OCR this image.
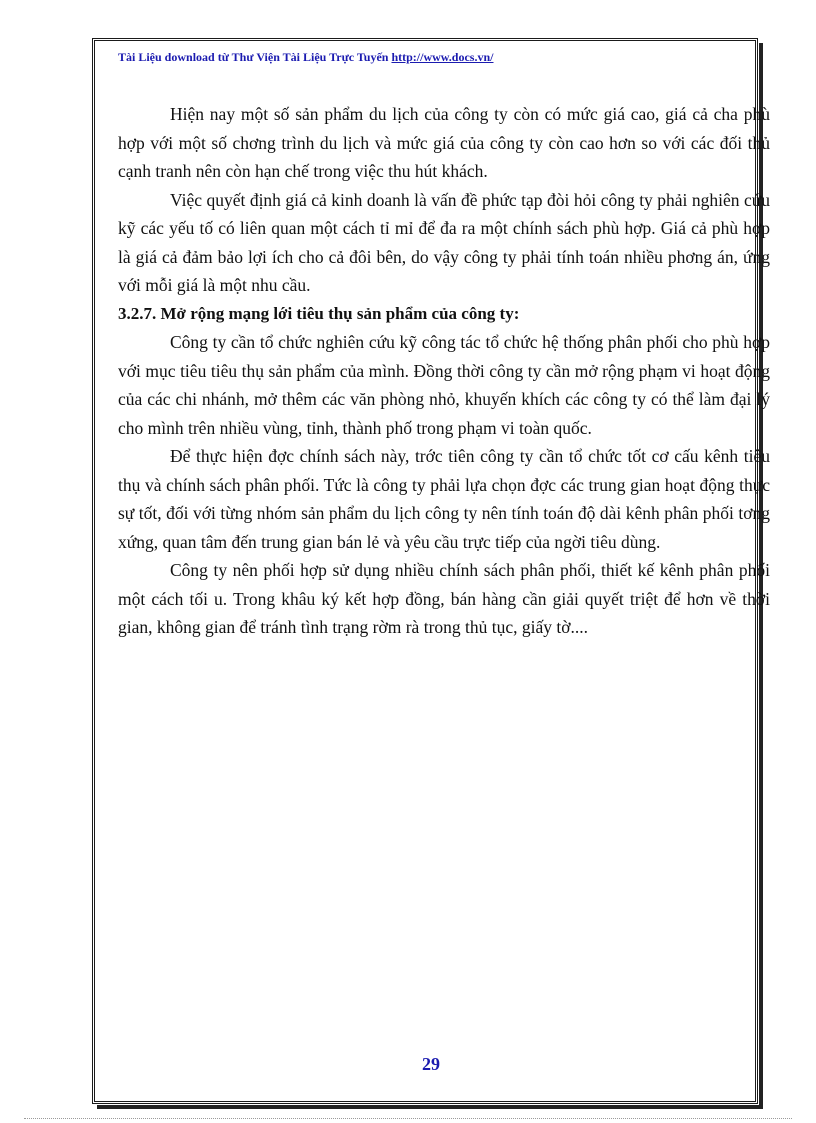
Tài Liệu download từ Thư Viện Tài Liệu Trực Tuyến http://www.docs.vn/

Hiện nay một số sản phẩm du lịch của công ty còn có mức giá cao, giá cả cha phù hợp với một số chơng trình du lịch và mức giá của công ty còn cao hơn so với các đối thủ cạnh tranh nên còn hạn chế trong việc thu hút khách.

Việc quyết định giá cả kinh doanh là vấn đề phức tạp đòi hỏi công ty phải nghiên cứu kỹ các yếu tố có liên quan một cách tỉ mỉ để đa ra một chính sách phù hợp. Giá cả phù hợp là giá cả đảm bảo lợi ích cho cả đôi bên, do vậy công ty phải tính toán nhiều phơng án, ứng với mỗi giá là một nhu cầu.

3.2.7. Mở rộng mạng lới tiêu thụ sản phẩm của công ty:

Công ty cần tổ chức nghiên cứu kỹ công tác tổ chức hệ thống phân phối cho phù hợp với mục tiêu tiêu thụ sản phẩm của mình. Đồng thời công ty cần mở rộng phạm vi hoạt động của các chi nhánh, mở thêm các văn phòng nhỏ, khuyến khích các công ty có thể làm đại lý cho mình trên nhiều vùng, tỉnh, thành phố trong phạm vi toàn quốc.

Để thực hiện đợc chính sách này, trớc tiên công ty cần tổ chức tốt cơ cấu kênh tiêu thụ và chính sách phân phối. Tức là công ty phải lựa chọn đợc các trung gian hoạt động thực sự tốt, đối với từng nhóm sản phẩm du lịch công ty nên tính toán độ dài kênh phân phối tơng xứng, quan tâm đến trung gian bán lẻ và yêu cầu trực tiếp của ngời tiêu dùng.

Công ty nên phối hợp sử dụng nhiều chính sách phân phối, thiết kế kênh phân phối một cách tối u. Trong khâu ký kết hợp đồng, bán hàng cần giải quyết triệt để hơn về thời gian, không gian để tránh tình trạng rờm rà trong thủ tục, giấy tờ....

29
